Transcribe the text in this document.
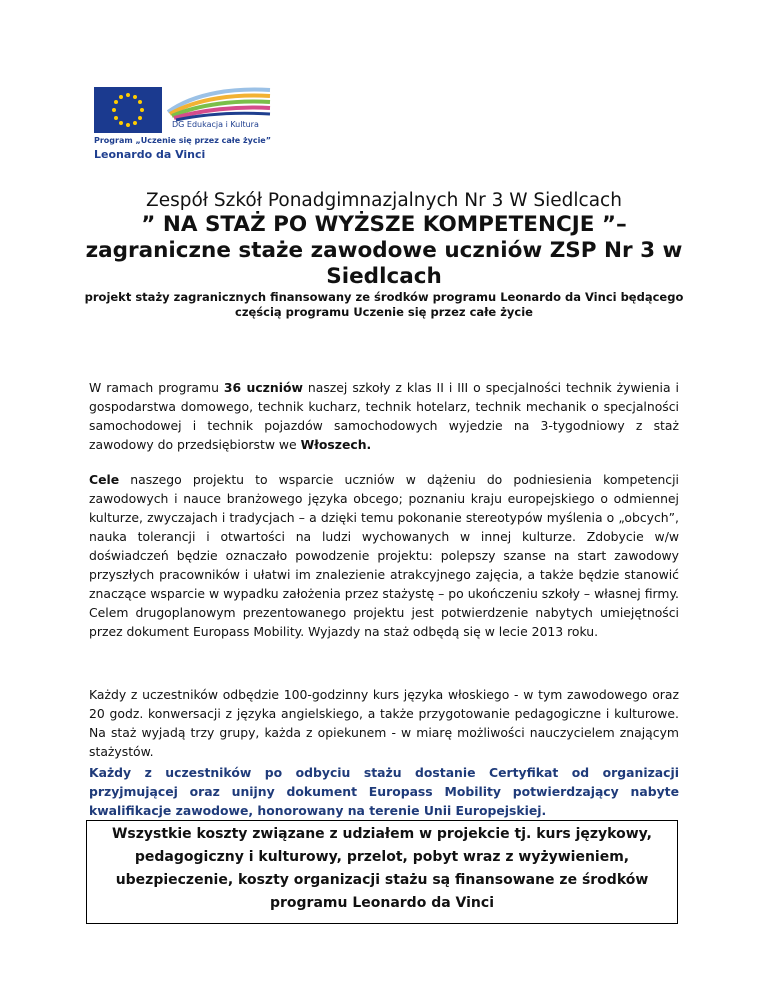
DG Edukacja i Kultura
Program „Uczenie się przez całe życie”
Leonardo da Vinci
Zespół Szkół Ponadgimnazjalnych Nr 3 W Siedlcach
” NA STAŻ PO WYŻSZE KOMPETENCJE ”– zagraniczne staże zawodowe uczniów ZSP Nr 3 w Siedlcach
projekt staży zagranicznych finansowany ze środków programu Leonardo da Vinci będącego częścią programu Uczenie się przez całe życie

W ramach programu 36 uczniów naszej szkoły z klas II i III o specjalności technik żywienia i gospodarstwa domowego, technik kucharz, technik hotelarz, technik mechanik o specjalności samochodowej i technik pojazdów samochodowych wyjedzie na 3-tygodniowy z staż zawodowy do przedsiębiorstw we Włoszech.

Cele naszego projektu to wsparcie uczniów w dążeniu do podniesienia kompetencji zawodowych i nauce branżowego języka obcego; poznaniu kraju europejskiego o odmiennej kulturze, zwyczajach i tradycjach – a dzięki temu pokonanie stereotypów myślenia o „obcych”, nauka tolerancji i otwartości na ludzi wychowanych w innej kulturze. Zdobycie w/w doświadczeń będzie oznaczało powodzenie projektu: polepszy szanse na start zawodowy przyszłych pracowników i ułatwi im znalezienie atrakcyjnego zajęcia, a także będzie stanowić znaczące wsparcie w wypadku założenia przez stażystę – po ukończeniu szkoły – własnej firmy. Celem drugoplanowym prezentowanego projektu jest potwierdzenie nabytych umiejętności przez dokument Europass Mobility. Wyjazdy na staż odbędą się w lecie 2013 roku.

Każdy z uczestników odbędzie 100-godzinny kurs języka włoskiego - w tym zawodowego oraz 20 godz. konwersacji z języka angielskiego, a także przygotowanie pedagogiczne i kulturowe. Na staż wyjadą trzy grupy, każda z opiekunem - w miarę możliwości nauczycielem znającym stażystów.

Każdy z uczestników po odbyciu stażu dostanie Certyfikat od organizacji przyjmującej oraz unijny dokument Europass Mobility potwierdzający nabyte kwalifikacje zawodowe, honorowany na terenie Unii Europejskiej.

Wszystkie koszty związane z udziałem w projekcie tj. kurs językowy, pedagogiczny i kulturowy, przelot, pobyt wraz z wyżywieniem, ubezpieczenie, koszty organizacji stażu są finansowane ze środków programu Leonardo da Vinci
